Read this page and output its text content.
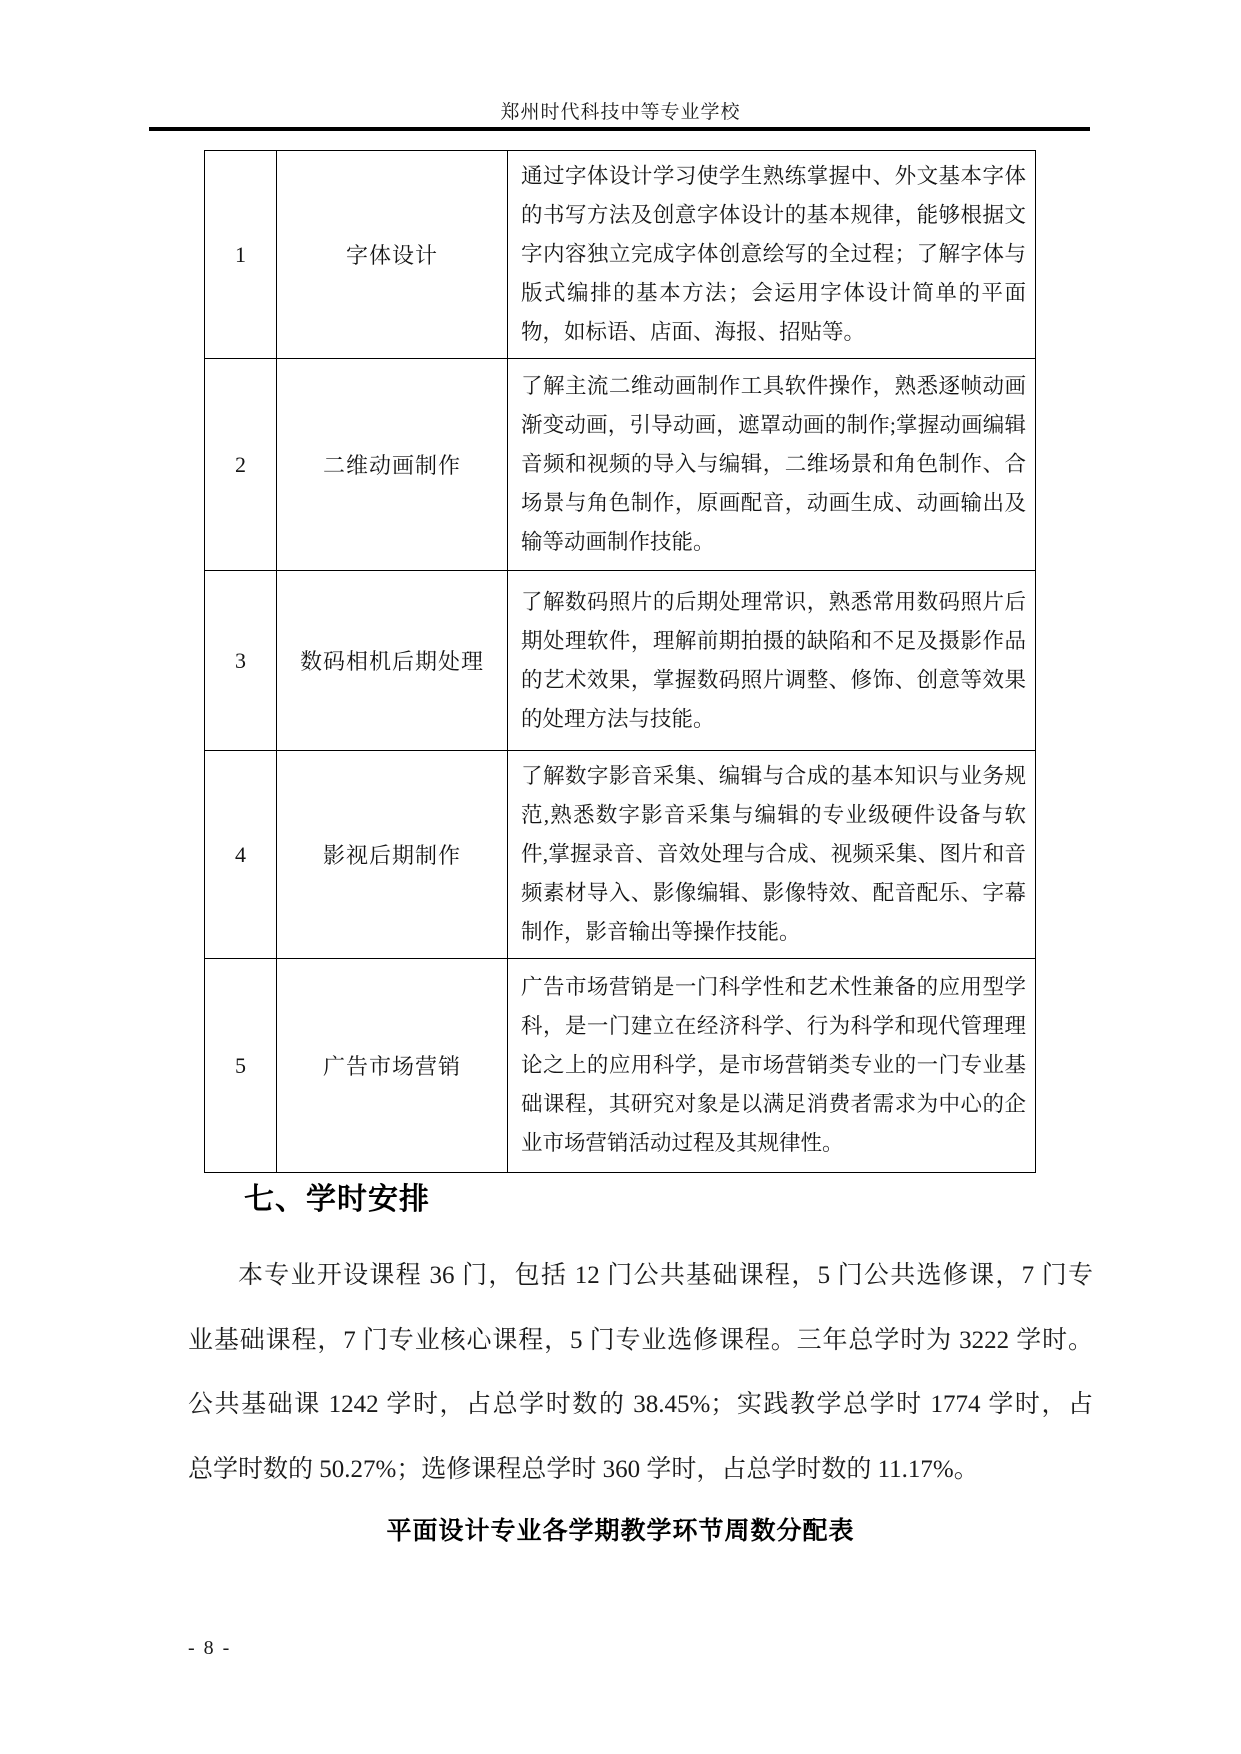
郑州时代科技中等专业学校
1	字体设计	通过字体设计学习使学生熟练掌握中、外文基本字体的书写方法及创意字体设计的基本规律，能够根据文字内容独立完成字体创意绘写的全过程；了解字体与版式编排的基本方法；会运用字体设计简单的平面物，如标语、店面、海报、招贴等。
2	二维动画制作	了解主流二维动画制作工具软件操作，熟悉逐帧动画渐变动画，引导动画，遮罩动画的制作;掌握动画编辑音频和视频的导入与编辑，二维场景和角色制作、合场景与角色制作，原画配音，动画生成、动画输出及输等动画制作技能。
3	数码相机后期处理	了解数码照片的后期处理常识，熟悉常用数码照片后期处理软件，理解前期拍摄的缺陷和不足及摄影作品的艺术效果，掌握数码照片调整、修饰、创意等效果的处理方法与技能。
4	影视后期制作	了解数字影音采集、编辑与合成的基本知识与业务规范,熟悉数字影音采集与编辑的专业级硬件设备与软件,掌握录音、音效处理与合成、视频采集、图片和音频素材导入、影像编辑、影像特效、配音配乐、字幕制作，影音输出等操作技能。
5	广告市场营销	广告市场营销是一门科学性和艺术性兼备的应用型学科，是一门建立在经济科学、行为科学和现代管理理论之上的应用科学，是市场营销类专业的一门专业基础课程，其研究对象是以满足消费者需求为中心的企业市场营销活动过程及其规律性。
七、学时安排
本专业开设课程 36 门，包括 12 门公共基础课程，5 门公共选修课，7 门专
业基础课程，7 门专业核心课程，5 门专业选修课程。三年总学时为 3222 学时。
公共基础课 1242 学时，占总学时数的 38.45%；实践教学总学时 1774 学时，占
总学时数的 50.27%；选修课程总学时 360 学时，占总学时数的 11.17%。
平面设计专业各学期教学环节周数分配表
- 8 -
